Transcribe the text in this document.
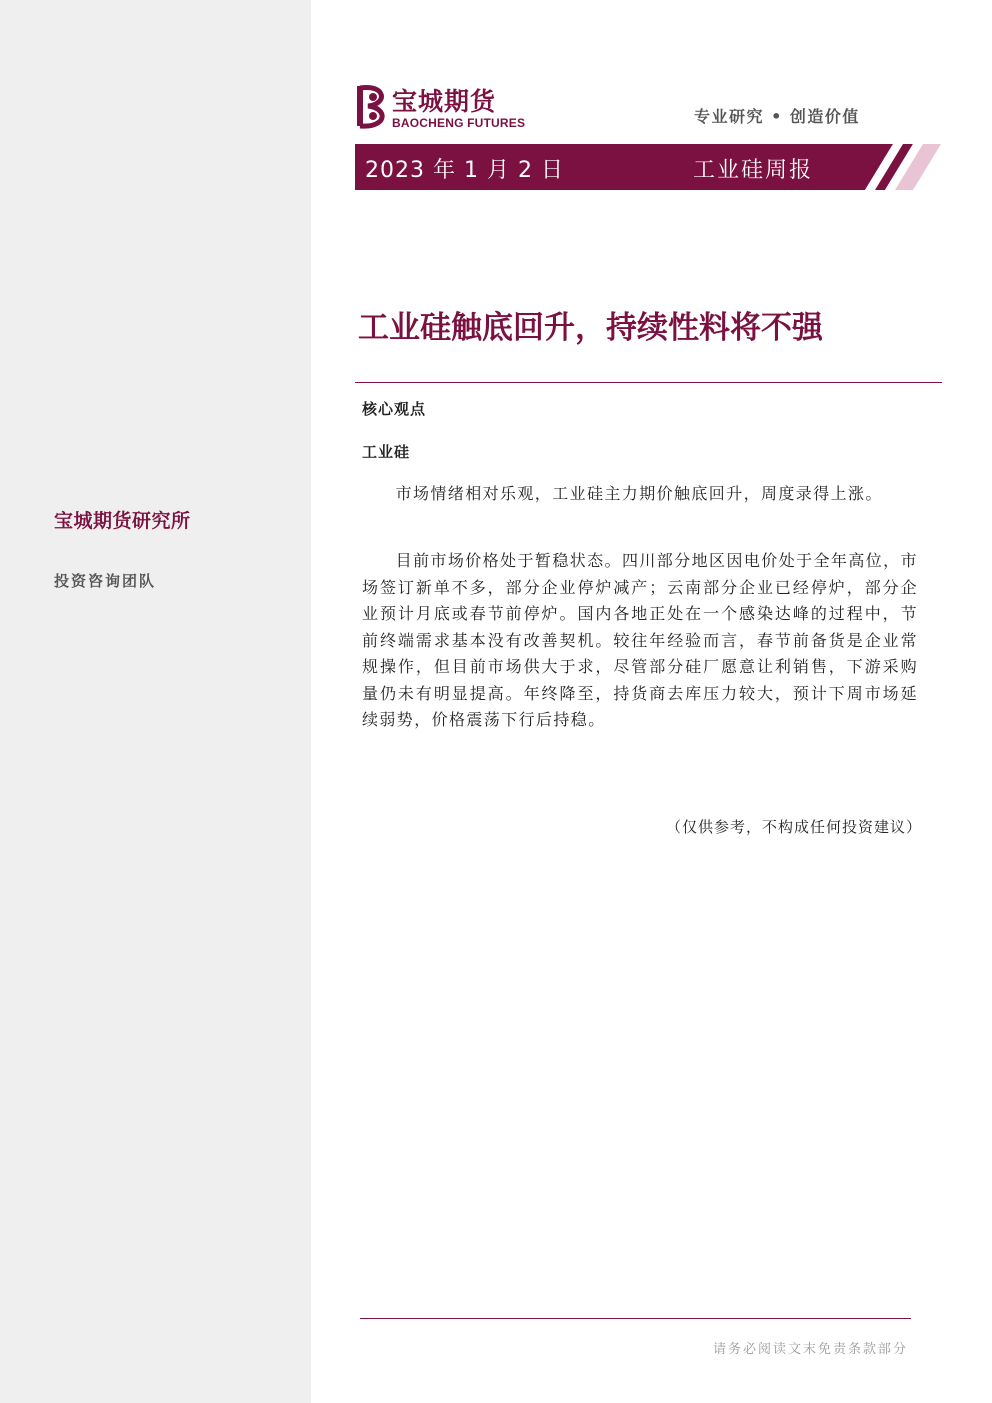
宝城期货研究所
投资咨询团队
宝城期货
BAOCHENG FUTURES	专业研究 • 创造价值
2023 年 1 月 2 日	工业硅周报
工业硅触底回升，持续性料将不强
核心观点
工业硅

市场情绪相对乐观，工业硅主力期价触底回升，周度录得上涨。

目前市场价格处于暂稳状态。四川部分地区因电价处于全年高位，市场签订新单不多，部分企业停炉减产；云南部分企业已经停炉，部分企业预计月底或春节前停炉。国内各地正处在一个感染达峰的过程中，节前终端需求基本没有改善契机。较往年经验而言，春节前备货是企业常规操作，但目前市场供大于求，尽管部分硅厂愿意让利销售，下游采购量仍未有明显提高。年终降至，持货商去库压力较大，预计下周市场延续弱势，价格震荡下行后持稳。

（仅供参考，不构成任何投资建议）
请务必阅读文末免责条款部分
